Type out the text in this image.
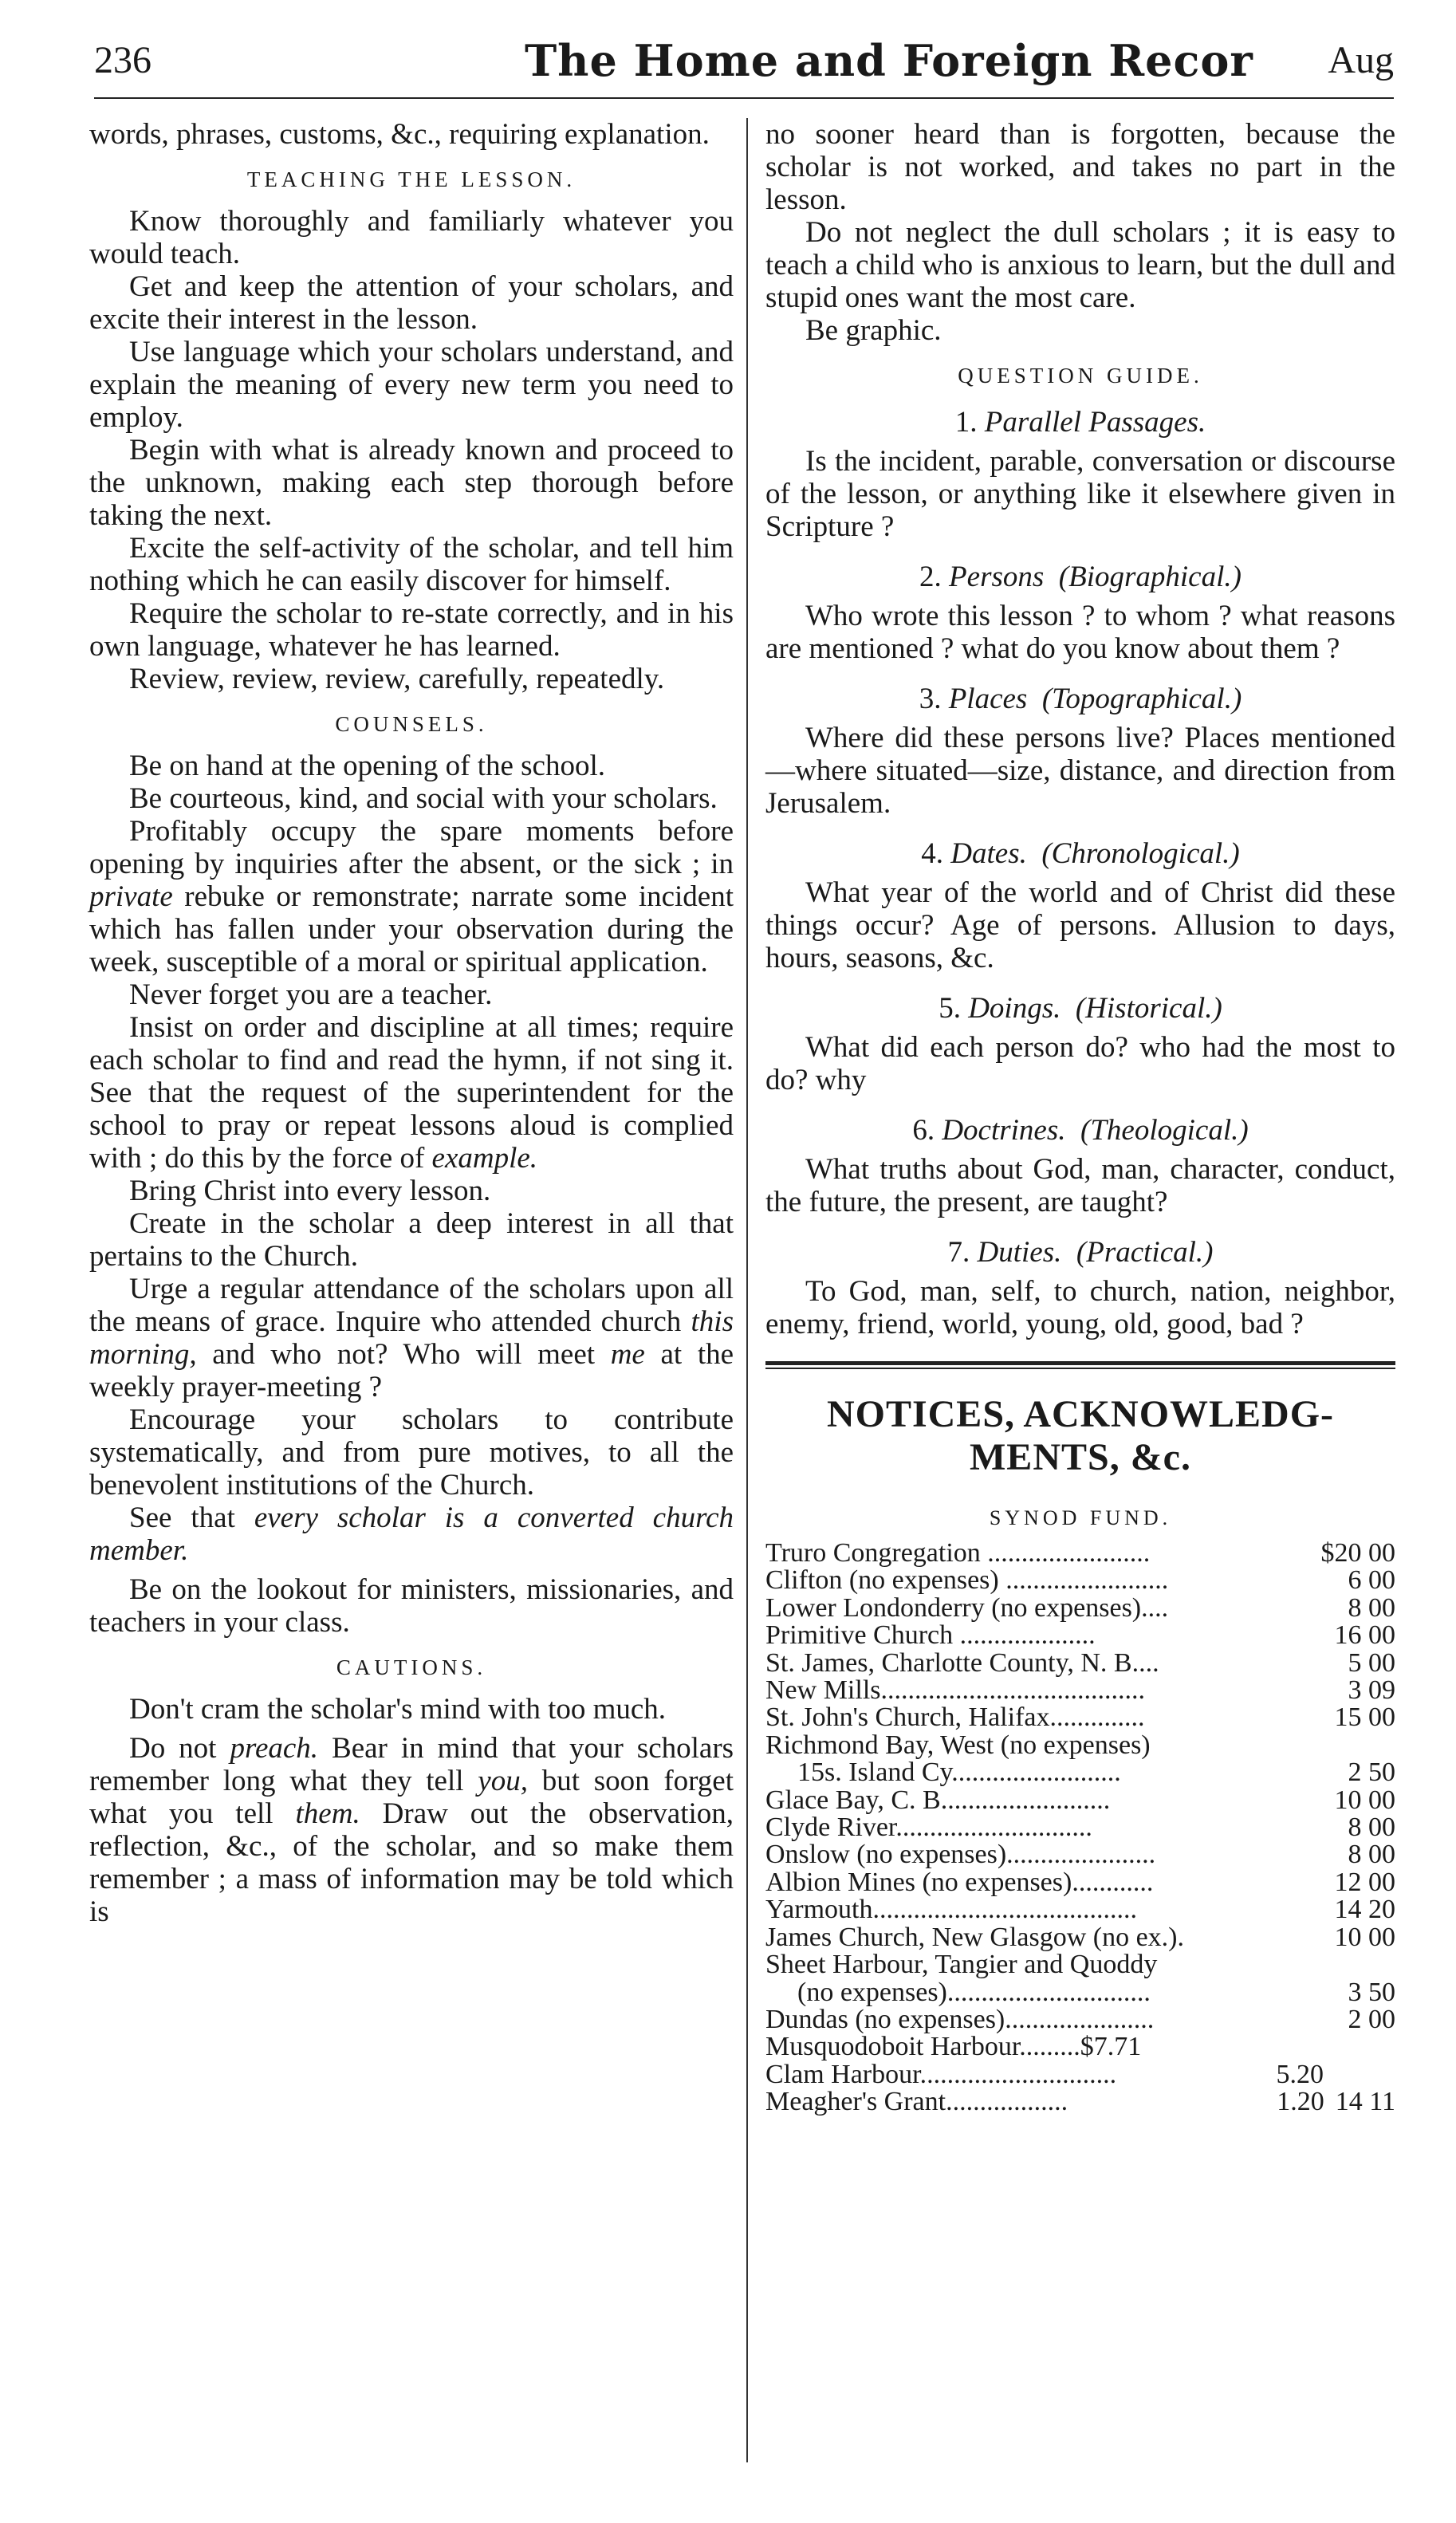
236	The Home and Foreign Recor Aug

words, phrases, customs, &c., requiring explanation.

TEACHING THE LESSON.

Know thoroughly and familiarly whatever you would teach.

Get and keep the attention of your scholars, and excite their interest in the lesson.

Use language which your scholars understand, and explain the meaning of every new term you need to employ.

Begin with what is already known and proceed to the unknown, making each step thorough before taking the next.

Excite the self-activity of the scholar, and tell him nothing which he can easily discover for himself.

Require the scholar to re-state correctly, and in his own language, whatever he has learned.

Review, review, review, carefully, repeatedly.

COUNSELS.

Be on hand at the opening of the school.

Be courteous, kind, and social with your scholars.

Profitably occupy the spare moments before opening by inquiries after the absent, or the sick ; in private rebuke or remonstrate; narrate some incident which has fallen under your observation during the week, susceptible of a moral or spiritual application.

Never forget you are a teacher.

Insist on order and discipline at all times; require each scholar to find and read the hymn, if not sing it. See that the request of the superintendent for the school to pray or repeat lessons aloud is complied with ; do this by the force of example.

Bring Christ into every lesson.

Create in the scholar a deep interest in all that pertains to the Church.

Urge a regular attendance of the scholars upon all the means of grace. Inquire who attended church this morning, and who not? Who will meet me at the weekly prayer-meeting ?

Encourage your scholars to contribute systematically, and from pure motives, to all the benevolent institutions of the Church.

See that every scholar is a converted church member.

Be on the lookout for ministers, missionaries, and teachers in your class.

CAUTIONS.

Don't cram the scholar's mind with too much.

Do not preach. Bear in mind that your scholars remember long what they tell you, but soon forget what you tell them. Draw out the observation, reflection, &c., of the scholar, and so make them remember ; a mass of information may be told which is

no sooner heard than is forgotten, because the scholar is not worked, and takes no part in the lesson.

Do not neglect the dull scholars ; it is easy to teach a child who is anxious to learn, but the dull and stupid ones want the most care.

Be graphic.

QUESTION GUIDE.
1. Parallel Passages.

Is the incident, parable, conversation or discourse of the lesson, or anything like it elsewhere given in Scripture ?

2. Persons (Biographical.)

Who wrote this lesson ? to whom ? what reasons are mentioned ? what do you know about them ?

3. Places (Topographical.)

Where did these persons live? Places mentioned—where situated—size, distance, and direction from Jerusalem.

4. Dates. (Chronological.)

What year of the world and of Christ did these things occur? Age of persons. Allusion to days, hours, seasons, &c.

5. Doings. (Historical.)

What did each person do? who had the most to do? why

6. Doctrines. (Theological.)

What truths about God, man, character, conduct, the future, the present, are taught?

7. Duties. (Practical.)

To God, man, self, to church, nation, neighbor, enemy, friend, world, young, old, good, bad ?

NOTICES, ACKNOWLEDG-
MENTS, &c.
SYNOD FUND.
Truro Congregation ........................	$20 00
Clifton (no expenses) ........................	6 00
Lower Londonderry (no expenses)....	8 00
Primitive Church ....................	16 00
St. James, Charlotte County, N. B....	5 00
New Mills.......................................	3 09
St. John's Church, Halifax..............	15 00
Richmond Bay, West (no expenses)
15s. Island Cy.........................	2 50
Glace Bay, C. B.........................	10 00
Clyde River.............................	8 00
Onslow (no expenses)......................	8 00
Albion Mines (no expenses)............	12 00
Yarmouth.......................................	14 20
James Church, New Glasgow (no ex.).	10 00
Sheet Harbour, Tangier and Quoddy
(no expenses)..............................	3 50
Dundas (no expenses)......................	2 00
Musquodoboit Harbour.........$7.71
Clam Harbour.............................	5.20
Meagher's Grant..................	1.20 14 11
